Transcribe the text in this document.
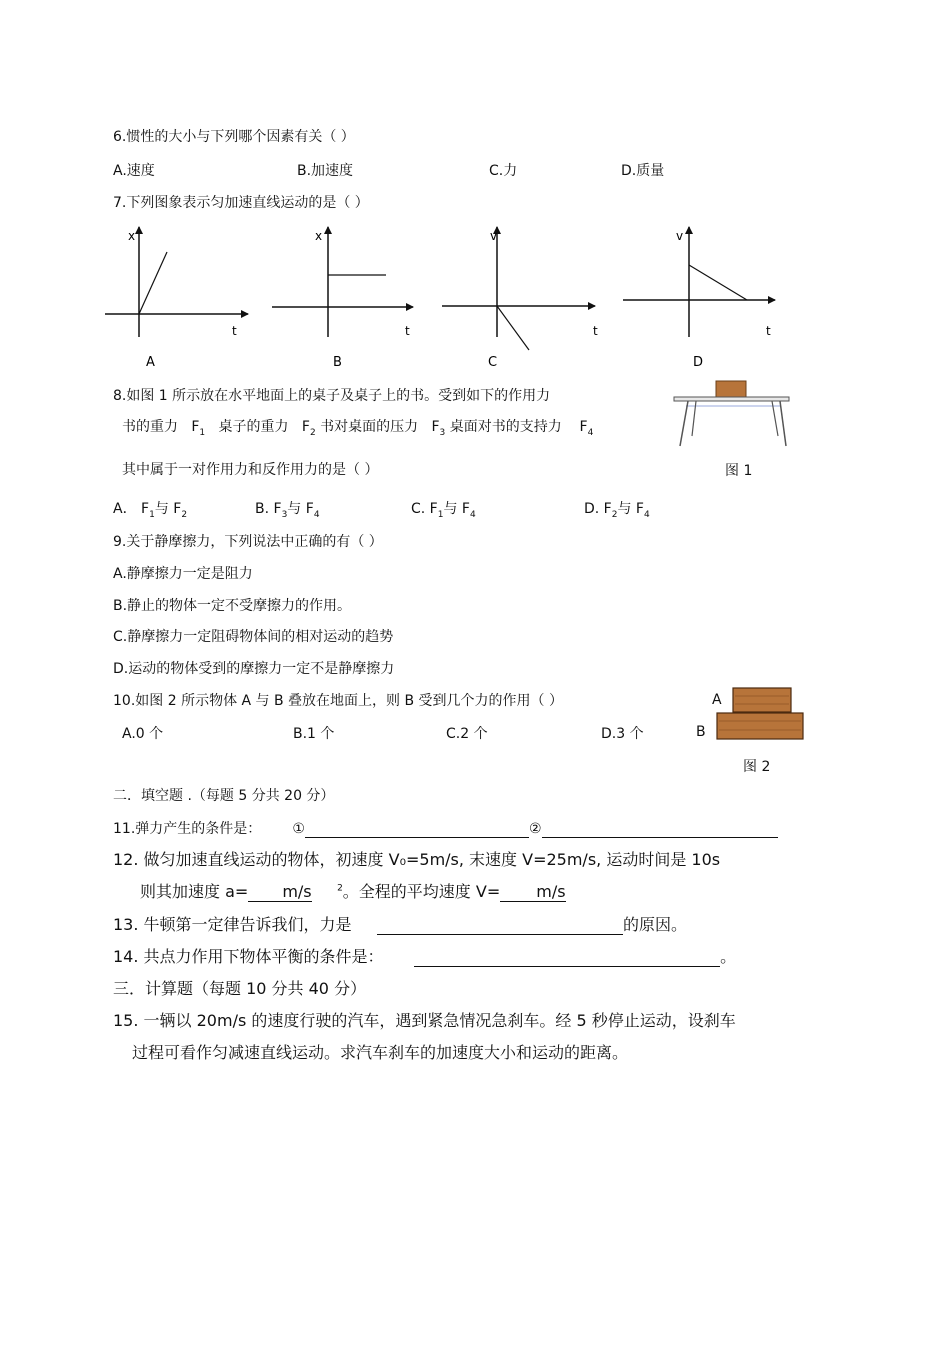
6.惯性的大小与下列哪个因素有关（ ）
A.速度	B.加速度	C.力	D.质量
7.下列图象表示匀加速直线运动的是（ ）
x
t
A
x
t
B
v
t
C
v
t
D
8.如图 1 所示放在水平地面上的桌子及桌子上的书。受到如下的作用力
书的重力 $F_1$ 桌子的重力 $F_2$ 书对桌面的压力 $F_3$ 桌面对书的支持力 $F_4$
其中属于一对作用力和反作用力的是（ ）	图 1
A． $F_1$与 $F_2$	B. $F_3$与 $F_4$	C. $F_1$与 $F_4$	D. $F_2$与 $F_4$
9.关于静摩擦力，下列说法中正确的有（ ）
A.静摩擦力一定是阻力
B.静止的物体一定不受摩擦力的作用。
C.静摩擦力一定阻碍物体间的相对运动的趋势
D.运动的物体受到的摩擦力一定不是静摩擦力
10.如图 2 所示物体 A 与 B 叠放在地面上，则 B 受到几个力的作用（ ）
A.0 个	B.1 个	C.2 个	D.3 个
A
B
图 2
二．填空题 .（每题 5 分共 20 分）
11.弹力产生的条件是： ①	②
12. 做匀加速直线运动的物体，初速度 V₀=5m/s, 末速度 V=25m/s, 运动时间是 10s
则其加速度 a= m/s	$^2$。全程的平均速度 V= m/s
13. 牛顿第一定律告诉我们，力是	的原因。
14. 共点力作用下物体平衡的条件是：	。
三．计算题（每题 10 分共 40 分）
15. 一辆以 20m/s 的速度行驶的汽车，遇到紧急情况急刹车。经 5 秒停止运动，设刹车
过程可看作匀减速直线运动。求汽车刹车的加速度大小和运动的距离。
